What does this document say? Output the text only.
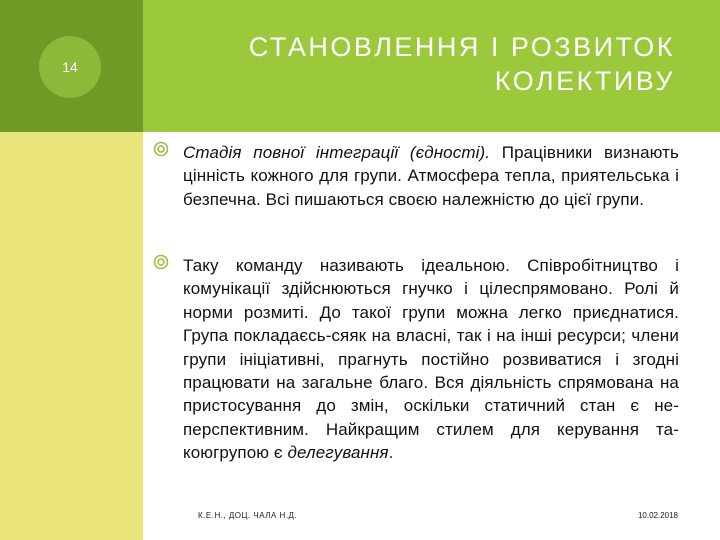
14
СТАНОВЛЕННЯ І РОЗВИТОК
КОЛЕКТИВУ
Стадія повної інтеграції (єдності). Працівники визнають цінність кожного для групи. Атмосфера тепла, приятельська і безпечна. Всі пишаються своєю належністю до цієї групи.
Таку команду називають ідеальною. Співробітництво і комунікації здійснюються гнучко і цілеспрямовано. Ролі й норми розмиті. До такої групи можна легко приєднатися. Група покладаєсь-сяяк на власні, так і на інші ресурси; члени групи ініціативні, прагнуть постійно розвиватися і згодні працювати на загальне благо. Вся діяльність спрямована на пристосування до змін, оскільки статичний стан є не-перспективним. Найкращим стилем для керування та-коюгрупою є делегування.
К.Е.Н., ДОЦ. ЧАЛА Н.Д.	10.02.2018
